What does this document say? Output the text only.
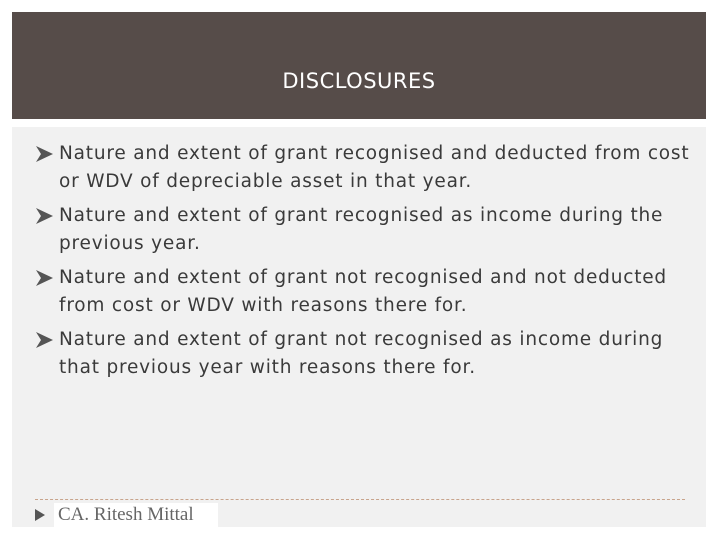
DISCLOSURES
Nature and extent of grant recognised and deducted from cost or WDV of depreciable asset in that year.
Nature and extent of grant recognised as income during the previous year.
Nature and extent of grant not recognised and not deducted from cost or WDV with reasons there for.
Nature and extent of grant not recognised as income during that previous year with reasons there for.
CA. Ritesh Mittal
